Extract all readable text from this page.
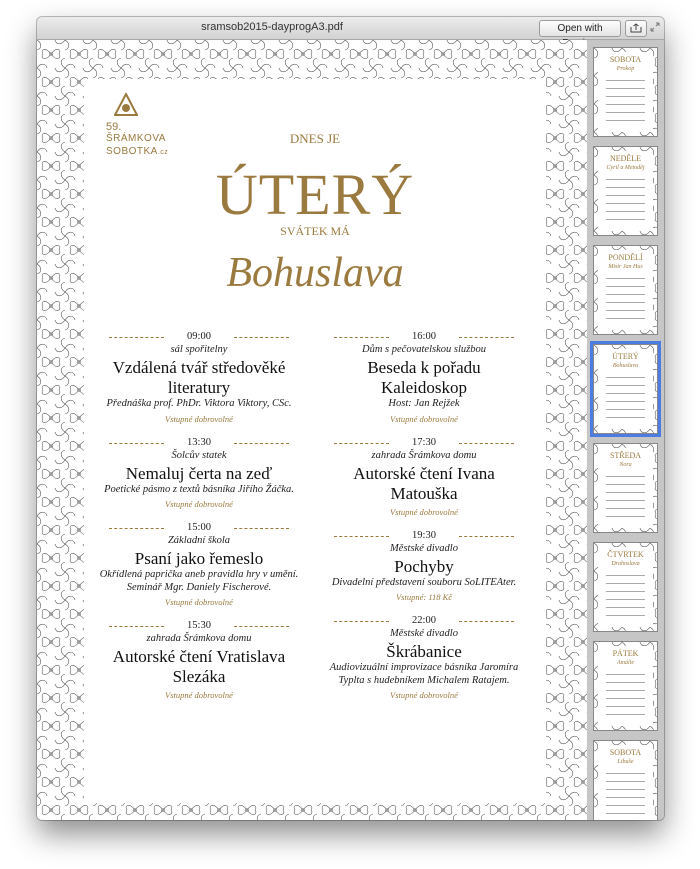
sramsob2015-dayprogA3.pdf	Open with
59.
ŠRÁMKOVA
SOBOTKA.cz
DNES JE
ÚTERÝ
SVÁTEK MÁ
Bohuslava
09:00
sál spořitelny
Vzdálená tvář středověké literatury
Přednáška prof. PhDr. Viktora Viktory, CSc.
Vstupné dobrovolné
13:30
Šolcův statek
Nemaluj čerta na zeď
Poetické pásmo z textů básníka Jiřího Žáčka.
Vstupné dobrovolné
15:00
Základní škola
Psaní jako řemeslo
Okřídlená paprička aneb pravidla hry v umění. Seminář Mgr. Daniely Fischerové.
Vstupné dobrovolné
15:30
zahrada Šrámkova domu
Autorské čtení Vratislava Slezáka
Vstupné dobrovolné
16:00
Dům s pečovatelskou službou
Beseda k pořadu Kaleidoskop
Host: Jan Rejžek
Vstupné dobrovolné
17:30
zahrada Šrámkova domu
Autorské čtení Ivana Matouška
Vstupné dobrovolné
19:30
Městské divadlo
Pochyby
Divadelní představení souboru SoLITEAter.
Vstupné: 118 Kč
22:00
Městské divadlo
Škrábanice
Audiovizuální improvizace básníka Jaromíra Typlta s hudebníkem Michalem Ratajem.
Vstupné dobrovolné
SOBOTA
Prokop
NEDĚLE
Cyril a Metoděj
PONDĚLÍ
Mistr Jan Hus
ÚTERÝ
Bohuslava
STŘEDA
Nora
ČTVRTEK
Drahoslava
PÁTEK
Amálie
SOBOTA
Libuše
